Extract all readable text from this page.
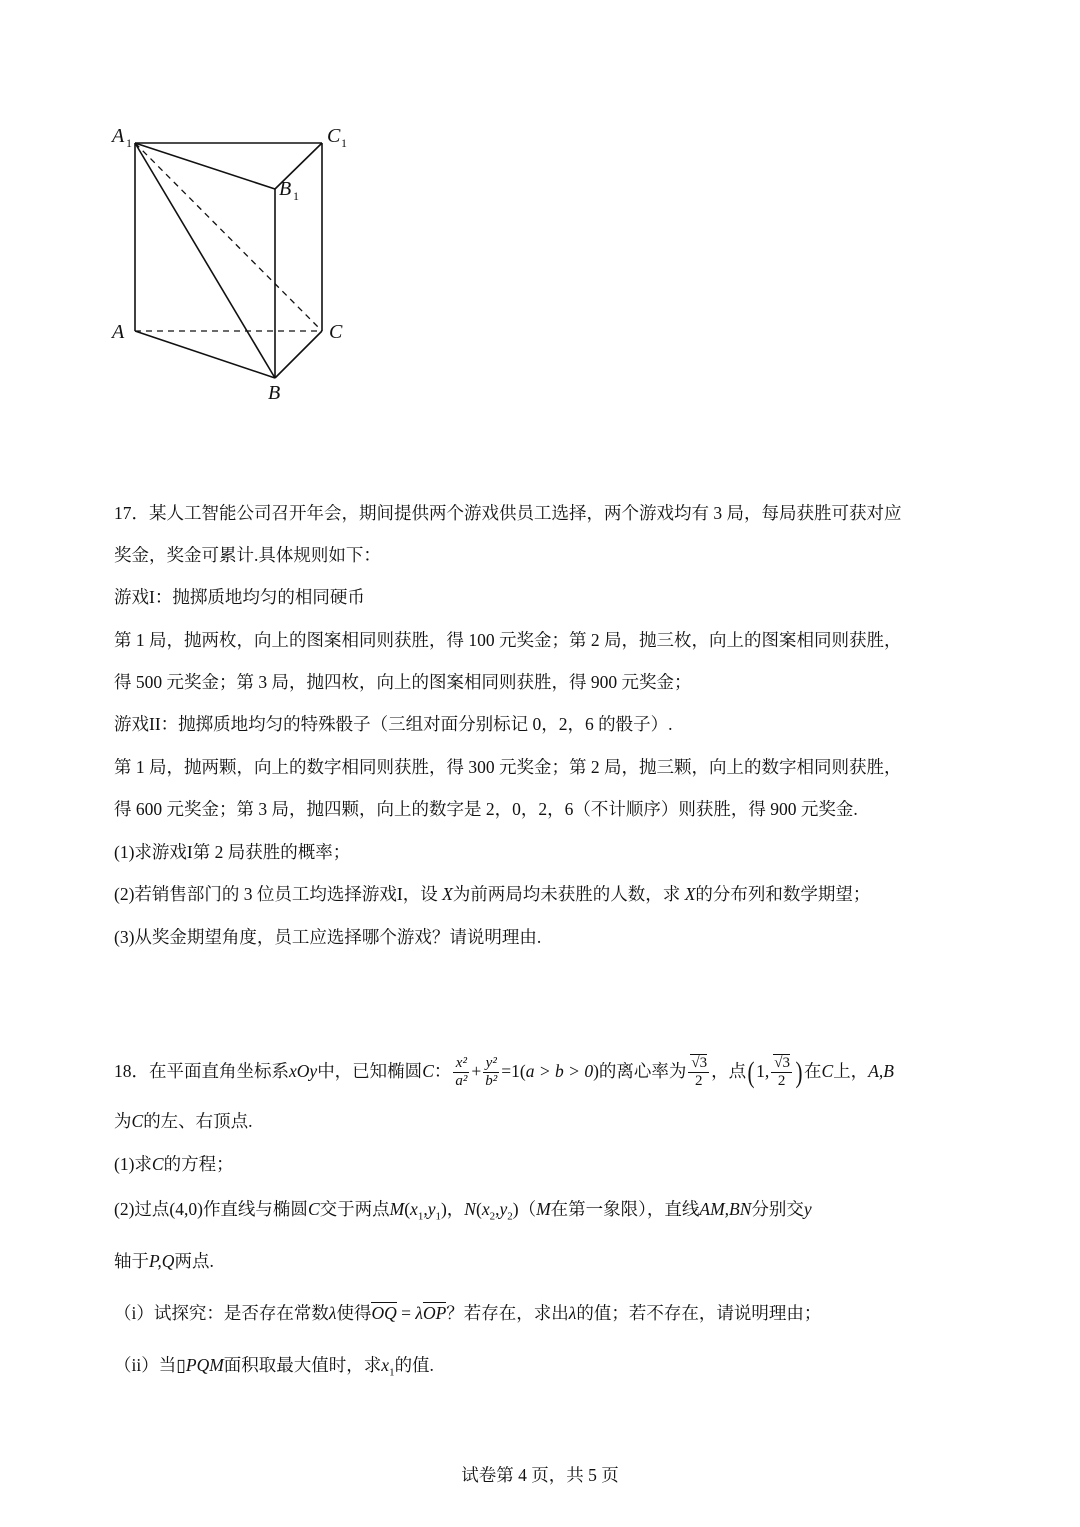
A 1	C 1
B 1
A	C
B
17．某人工智能公司召开年会，期间提供两个游戏供员工选择，两个游戏均有 3 局，每局获胜可获对应
奖金，奖金可累计.具体规则如下：
游戏I：抛掷质地均匀的相同硬币
第 1 局，抛两枚，向上的图案相同则获胜，得 100 元奖金；第 2 局，抛三枚，向上的图案相同则获胜，
得 500 元奖金；第 3 局，抛四枚，向上的图案相同则获胜，得 900 元奖金；
游戏II：抛掷质地均匀的特殊骰子（三组对面分别标记 0，2，6 的骰子）.
第 1 局，抛两颗，向上的数字相同则获胜，得 300 元奖金；第 2 局，抛三颗，向上的数字相同则获胜，
得 600 元奖金；第 3 局，抛四颗，向上的数字是 2，0，2，6（不计顺序）则获胜，得 900 元奖金.
(1)求游戏I第 2 局获胜的概率；
(2)若销售部门的 3 位员工均选择游戏I，设 X为前两局均未获胜的人数，求 X的分布列和数学期望；
(3)从奖金期望角度，员工应选择哪个游戏？请说明理由.
18．在平面直角坐标系xOy中，已知椭圆C： $\frac{\text{x²}}{\text{a²}} + \frac{\text{y²}}{\text{b²}} =1(a > b > 0)$的离心率为 $\frac{√3}{2}$ ，点(1, $\frac{√3}{2}$ )在C上，A,B
为C的左、右顶点.
(1)求C的方程；
(2)过点(4,0)作直线与椭圆C交于两点$M(x_1,y_1)$，$N(x_2,y_2)(M$在第一象限），直线AM,BN分别交y
轴于P,Q两点.
（i）试探究：是否存在常数λ使得OQ = λOP？若存在，求出λ的值；若不存在，请说明理由；
（ii）当▯PQM面积取最大值时，求$x_1$的值.
试卷第 4 页，共 5 页
